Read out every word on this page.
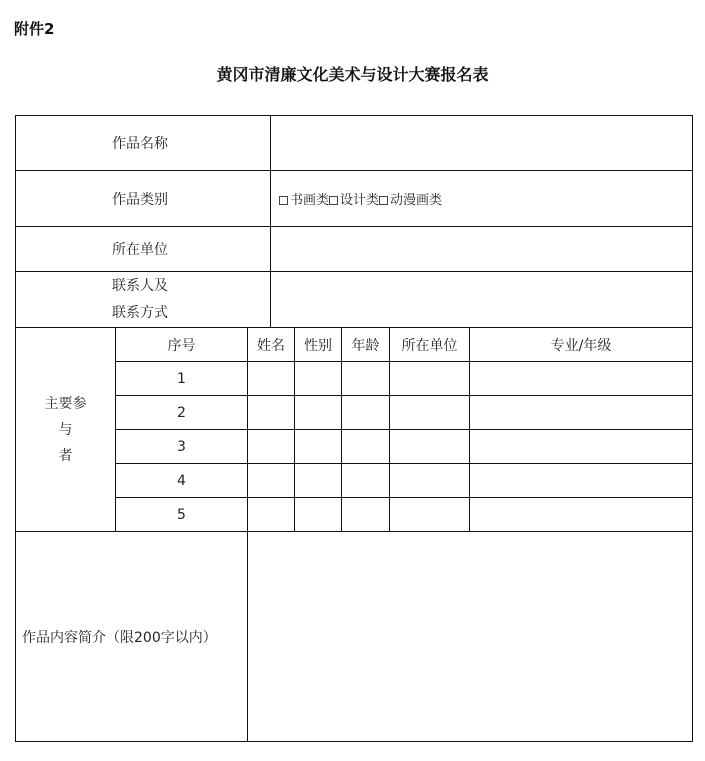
附件2
黄冈市清廉文化美术与设计大赛报名表
作品名称							
作品类别			书画类 设计类 动漫画类				
所在单位							

联系人及
联系方式							

主要参
与
者	序号	姓名		性别	年龄	所在单位	专业/年级
	1						
	2						
	3						
	4						
	5						
作品内容简介（限200字以内）							
